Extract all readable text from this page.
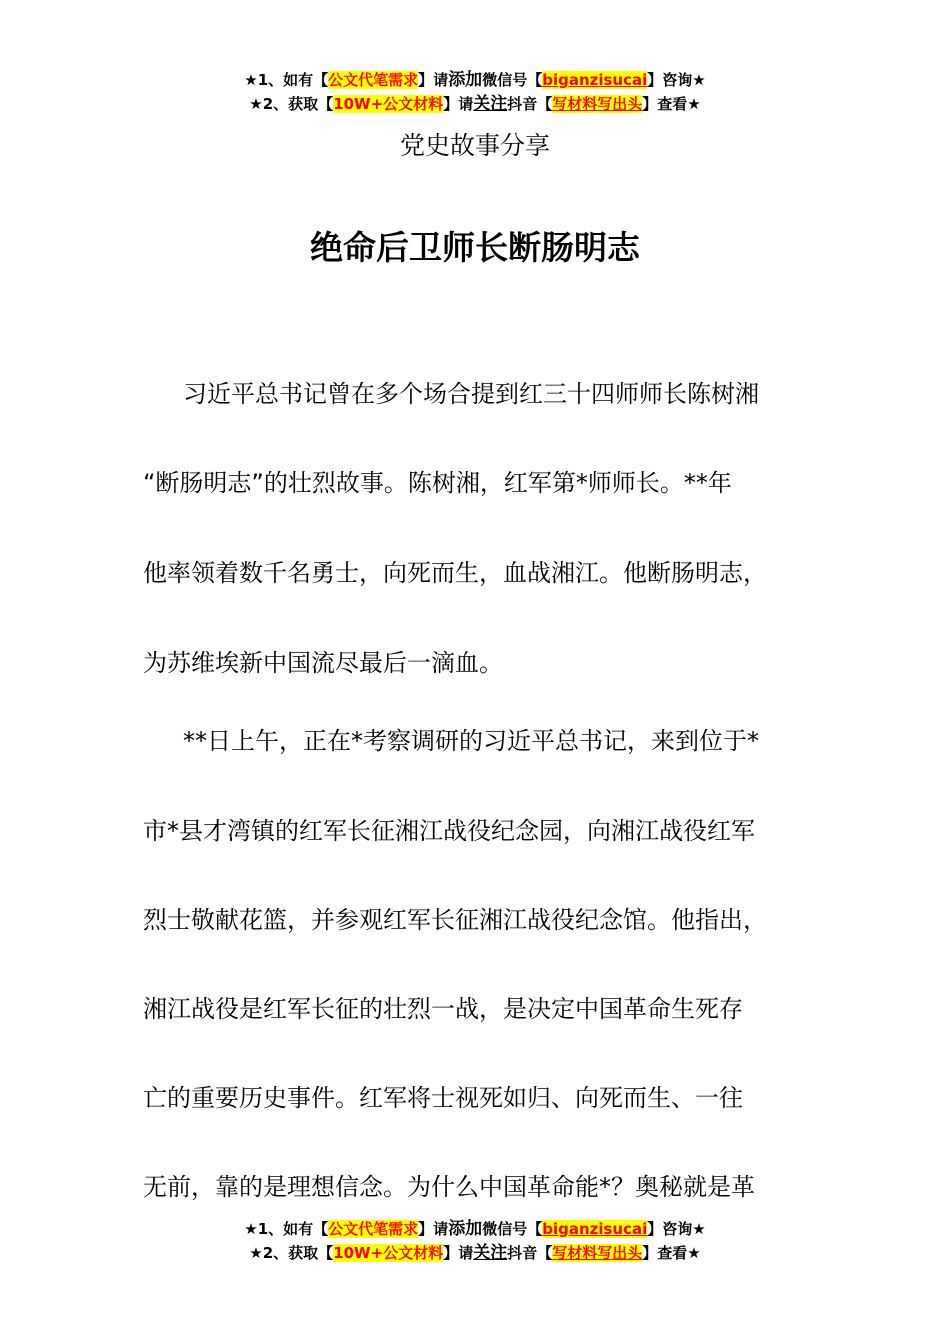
★1、如有【公文代笔需求】请添加微信号【biganzisucai】咨询★
★2、获取【10W+公文材料】请关注抖音【写材料写出头】查看★
党史故事分享
绝命后卫师长断肠明志
习近平总书记曾在多个场合提到红三十四师师长陈树湘
“断肠明志”的壮烈故事。陈树湘，红军第*师师长。**年
他率领着数千名勇士，向死而生，血战湘江。他断肠明志，
为苏维埃新中国流尽最后一滴血。
**日上午，正在*考察调研的习近平总书记，来到位于*
市*县才湾镇的红军长征湘江战役纪念园，向湘江战役红军
烈士敬献花篮，并参观红军长征湘江战役纪念馆。他指出，
湘江战役是红军长征的壮烈一战，是决定中国革命生死存
亡的重要历史事件。红军将士视死如归、向死而生、一往
无前，靠的是理想信念。为什么中国革命能*？奥秘就是革
★1、如有【公文代笔需求】请添加微信号【biganzisucai】咨询★
★2、获取【10W+公文材料】请关注抖音【写材料写出头】查看★
